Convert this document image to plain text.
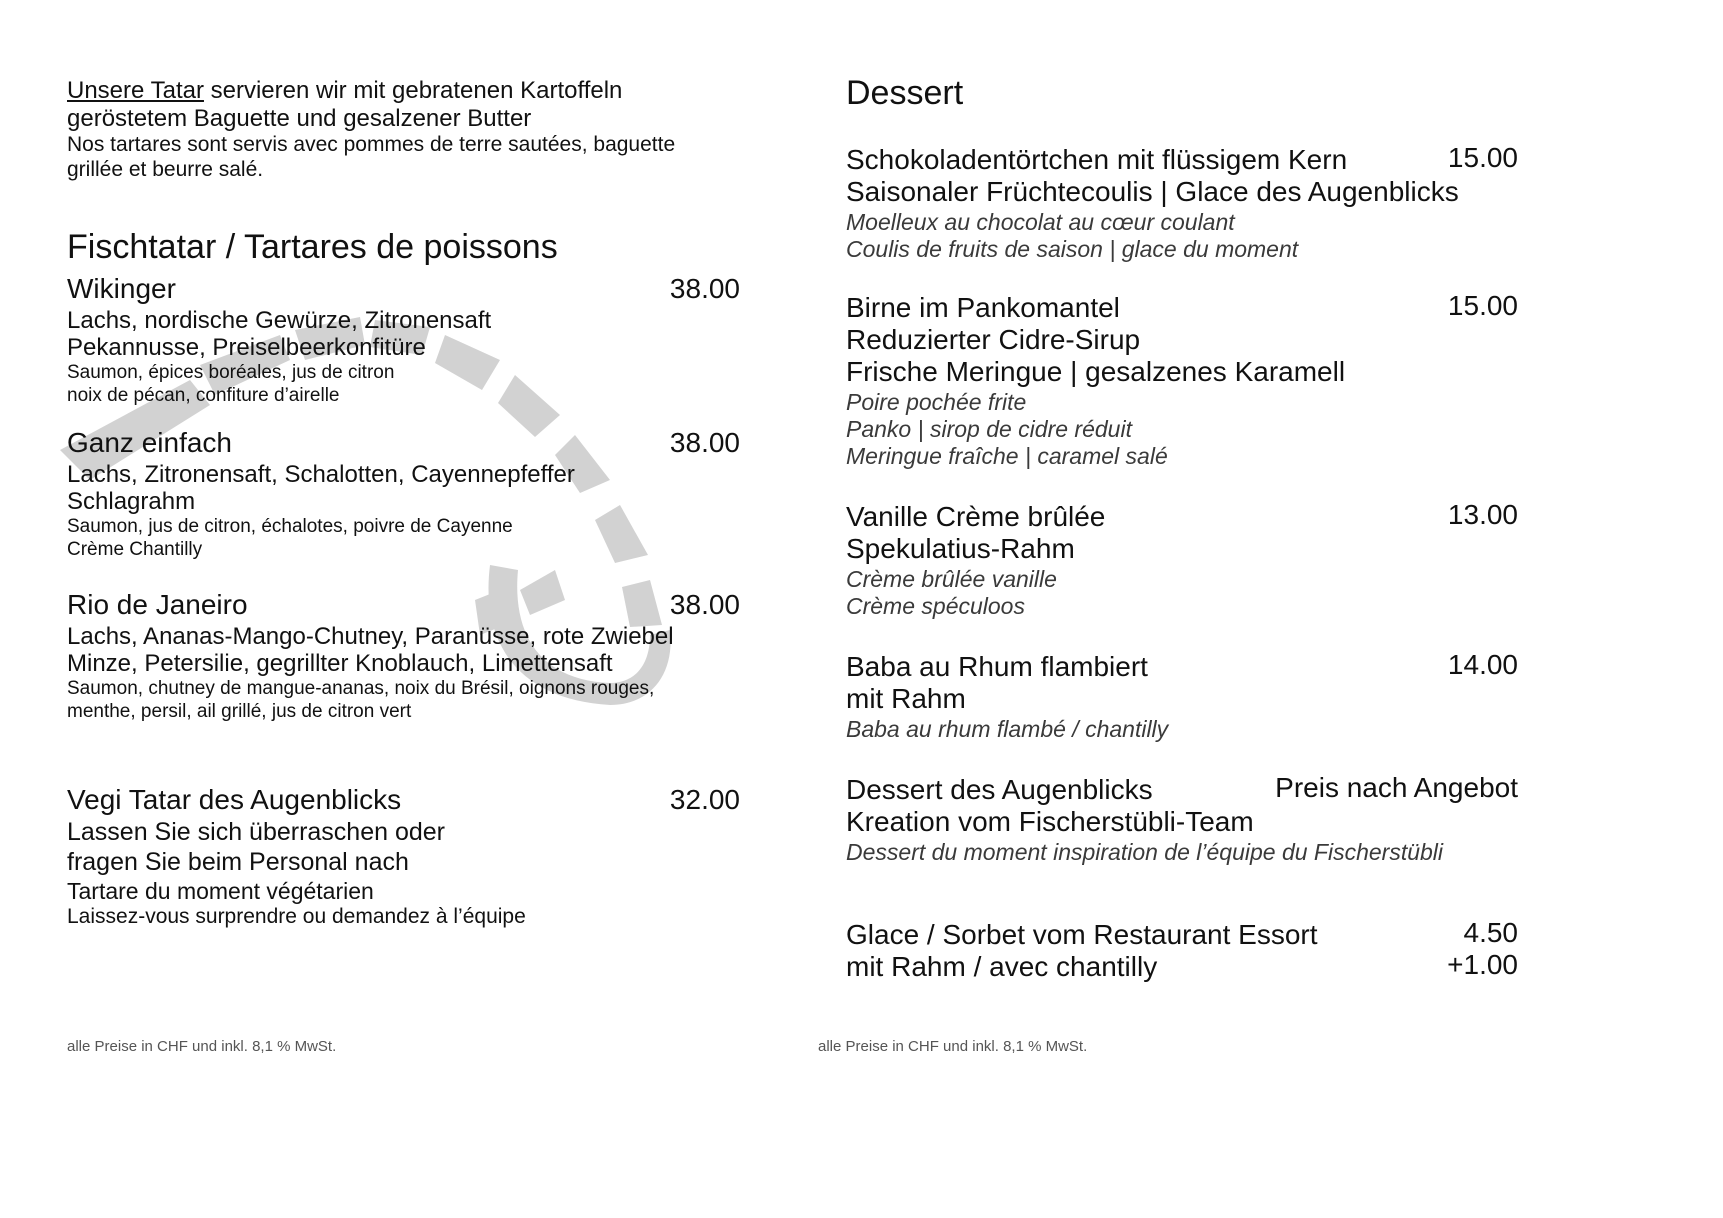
Unsere Tatar servieren wir mit gebratenen Kartoffeln

geröstetem Baguette und gesalzener Butter

Nos tartares sont servis avec pommes de terre sautées, baguette

grillée et beurre salé.

Fischtatar / Tartares de poissons

Wikinger	38.00

Lachs, nordische Gewürze, Zitronensaft

Pekannusse, Preiselbeerkonfitüre

Saumon, épices boréales, jus de citron

noix de pécan, confiture d’airelle

Ganz einfach	38.00

Lachs, Zitronensaft, Schalotten, Cayennepfeffer

Schlagrahm

Saumon, jus de citron, échalotes, poivre de Cayenne

Crème Chantilly

Rio de Janeiro	38.00

Lachs, Ananas-Mango-Chutney, Paranüsse, rote Zwiebel

Minze, Petersilie, gegrillter Knoblauch, Limettensaft

Saumon, chutney de mangue-ananas, noix du Brésil, oignons rouges,

menthe, persil, ail grillé, jus de citron vert

Vegi Tatar des Augenblicks	32.00

Lassen Sie sich überraschen oder

fragen Sie beim Personal nach

Tartare du moment végétarien

Laissez-vous surprendre ou demandez à l’équipe

alle Preise in CHF und inkl. 8,1 % MwSt.

Dessert

Schokoladentörtchen mit flüssigem Kern	15.00

Saisonaler Früchtecoulis | Glace des Augenblicks

Moelleux au chocolat au cœur coulant

Coulis de fruits de saison | glace du moment

Birne im Pankomantel	15.00

Reduzierter Cidre-Sirup

Frische Meringue | gesalzenes Karamell

Poire pochée frite

Panko | sirop de cidre réduit

Meringue fraîche | caramel salé

Vanille Crème brûlée	13.00

Spekulatius-Rahm

Crème brûlée vanille

Crème spéculoos

Baba au Rhum flambiert	14.00

mit Rahm

Baba au rhum flambé / chantilly

Dessert des Augenblicks	Preis nach Angebot

Kreation vom Fischerstübli-Team

Dessert du moment inspiration de l’équipe du Fischerstübli

Glace / Sorbet vom Restaurant Essort	4.50

mit Rahm / avec chantilly	+1.00

alle Preise in CHF und inkl. 8,1 % MwSt.
